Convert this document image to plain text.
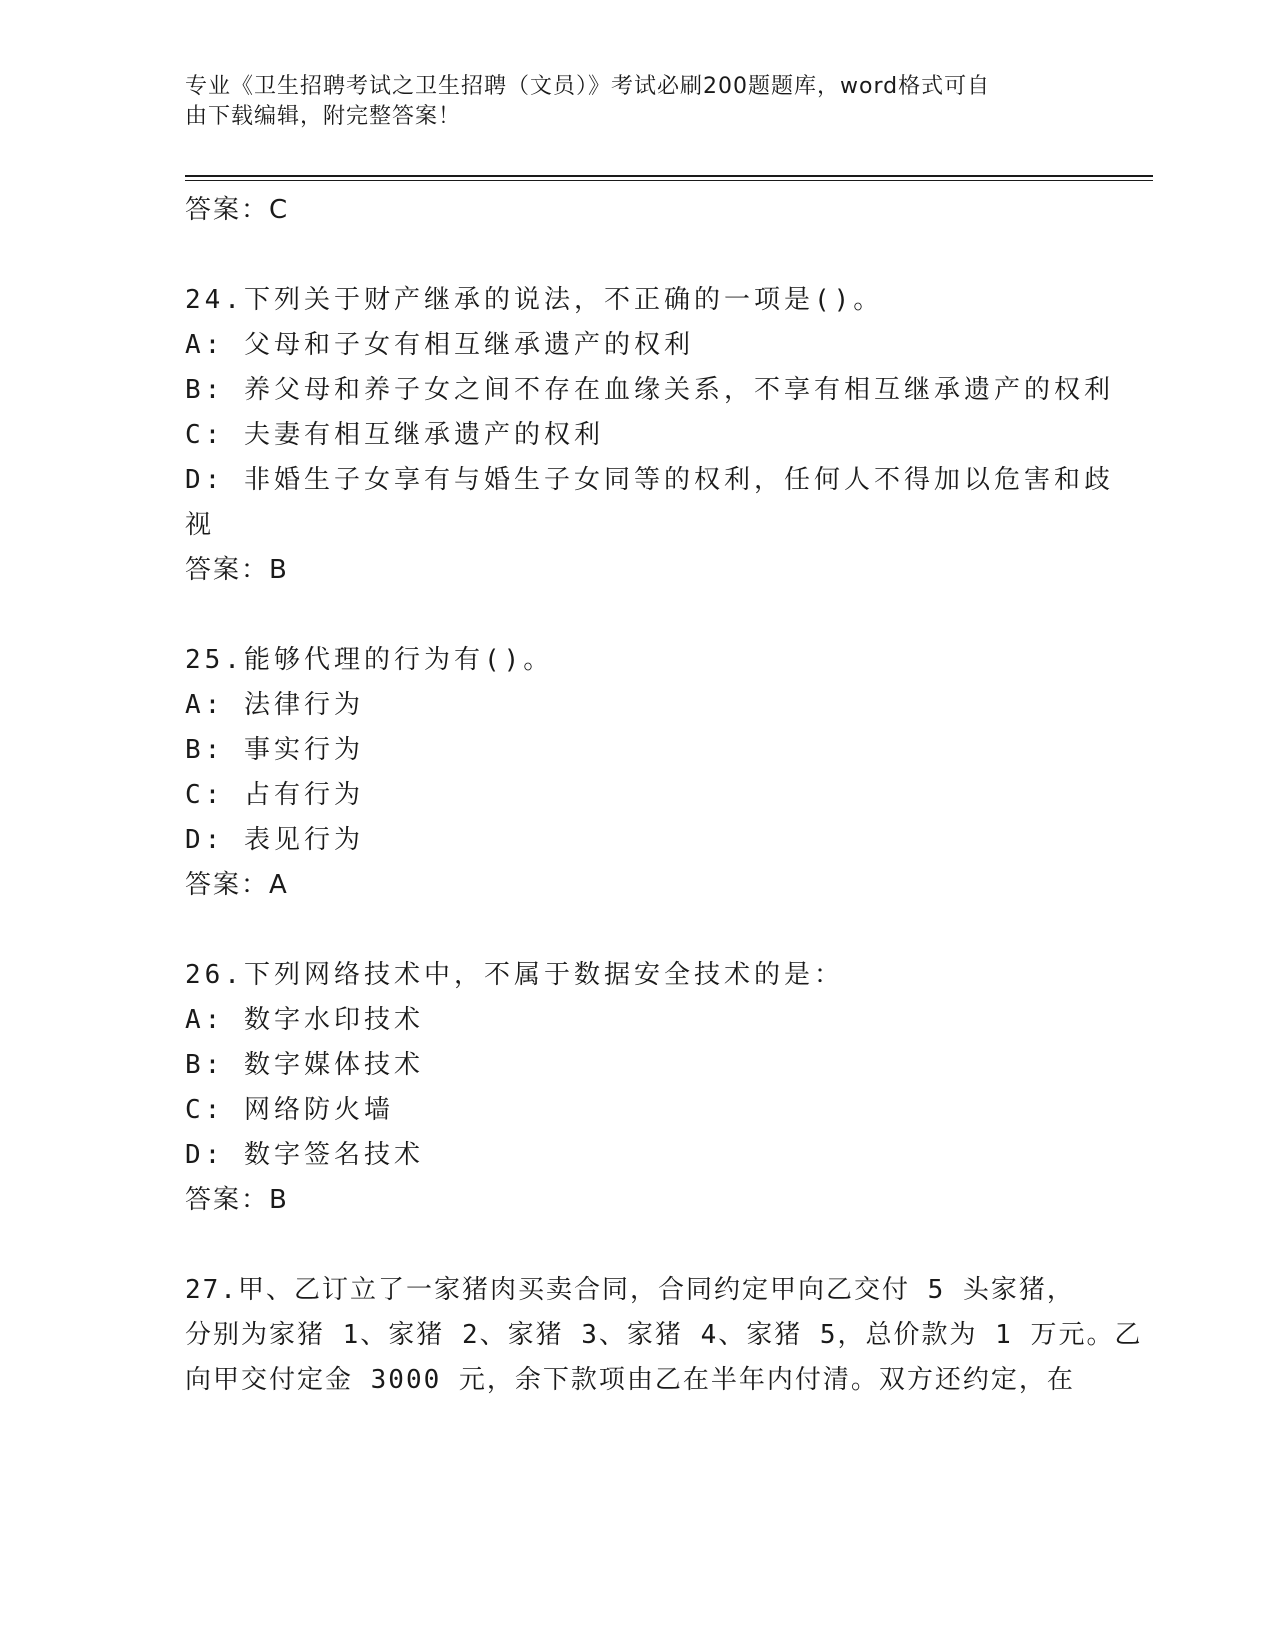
专业《卫生招聘考试之卫生招聘（文员）》考试必刷200题题库，word格式可自
由下载编辑，附完整答案！
答案：C
24.下列关于财产继承的说法，不正确的一项是()。
A: 父母和子女有相互继承遗产的权利
B: 养父母和养子女之间不存在血缘关系，不享有相互继承遗产的权利
C: 夫妻有相互继承遗产的权利
D: 非婚生子女享有与婚生子女同等的权利，任何人不得加以危害和歧
视
答案：B
25.能够代理的行为有()。
A: 法律行为
B: 事实行为
C: 占有行为
D: 表见行为
答案：A
26.下列网络技术中，不属于数据安全技术的是：
A: 数字水印技术
B: 数字媒体技术
C: 网络防火墙
D: 数字签名技术
答案：B
27.甲、乙订立了一家猪肉买卖合同，合同约定甲向乙交付 5 头家猪，
分别为家猪 1、家猪 2、家猪 3、家猪 4、家猪 5，总价款为 1 万元。乙
向甲交付定金 3000 元，余下款项由乙在半年内付清。双方还约定，在
